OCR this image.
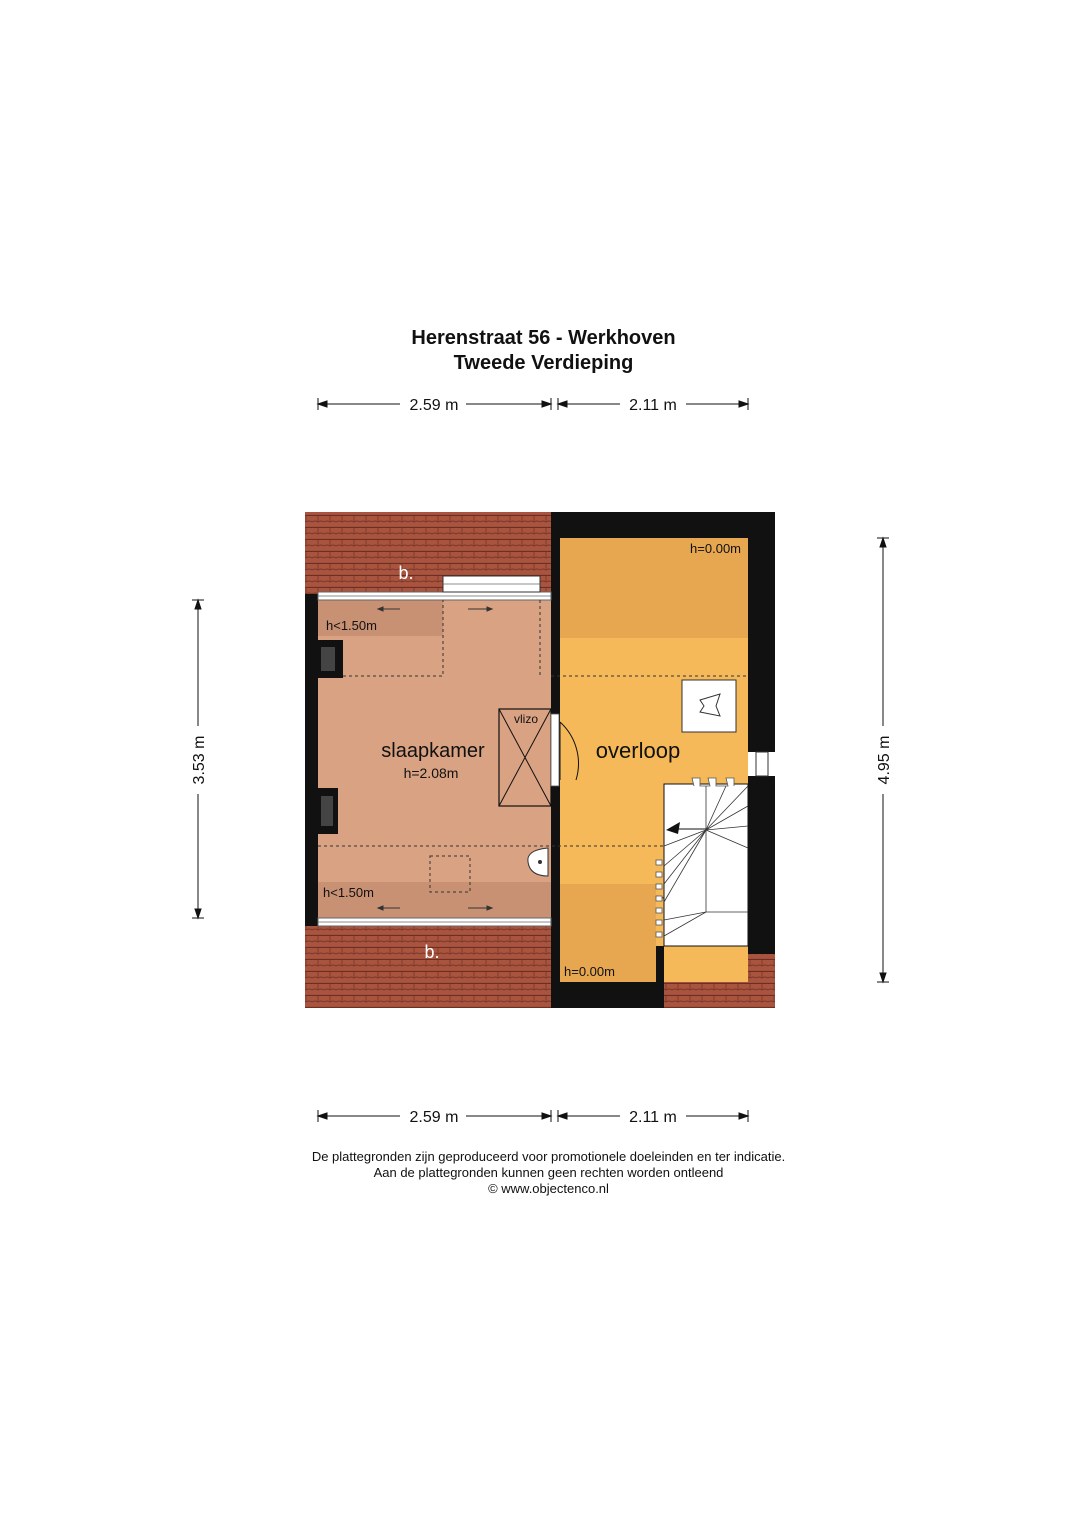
Herenstraat 56 - Werkhoven
Tweede Verdieping
slaapkamer
h=2.08m
overloop
vlizo
b.
b.
h<1.50m
h<1.50m
h=0.00m
h=0.00m
2.59 m	2.11 m
2.59 m	2.11 m
3.53 m	4.95 m
De plattegronden zijn geproduceerd voor promotionele doeleinden en ter indicatie.
Aan de plattegronden kunnen geen rechten worden ontleend
© www.objectenco.nl
